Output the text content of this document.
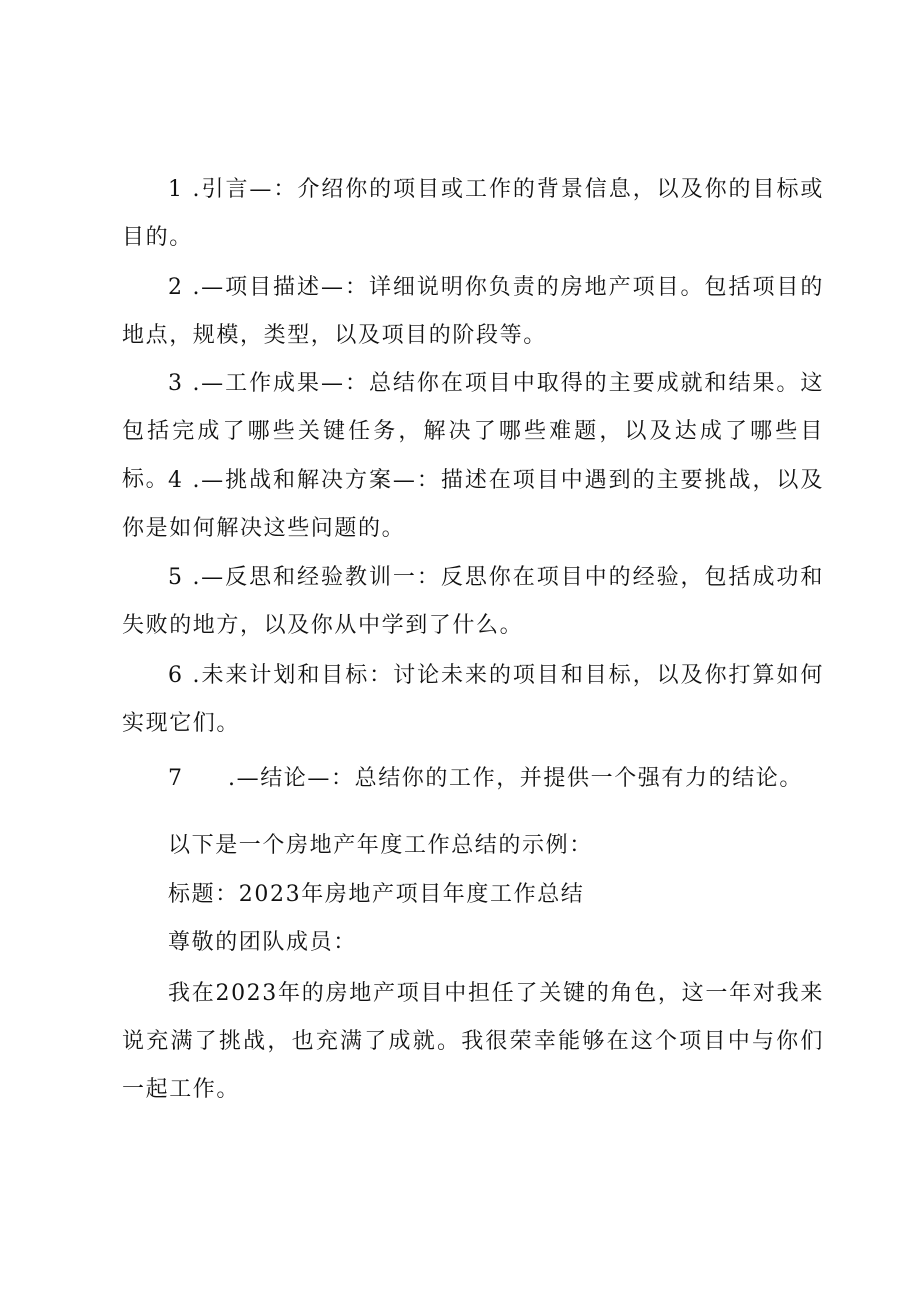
1 .引言—：介绍你的项目或工作的背景信息，以及你的目标或目的。
2 .—项目描述—：详细说明你负责的房地产项目。包括项目的地点，规模，类型，以及项目的阶段等。
3 .—工作成果—：总结你在项目中取得的主要成就和结果。这包括完成了哪些关键任务，解决了哪些难题，以及达成了哪些目标。
4 .—挑战和解决方案—：描述在项目中遇到的主要挑战，以及你是如何解决这些问题的。
5 .—反思和经验教训一：反思你在项目中的经验，包括成功和失败的地方，以及你从中学到了什么。
6 .未来计划和目标：讨论未来的项目和目标，以及你打算如何实现它们。
7 .—结论—：总结你的工作，并提供一个强有力的结论。
以下是一个房地产年度工作总结的示例：
标题：2023年房地产项目年度工作总结
尊敬的团队成员：
我在2023年的房地产项目中担任了关键的角色，这一年对我来说充满了挑战，也充满了成就。我很荣幸能够在这个项目中与你们一起工作。
